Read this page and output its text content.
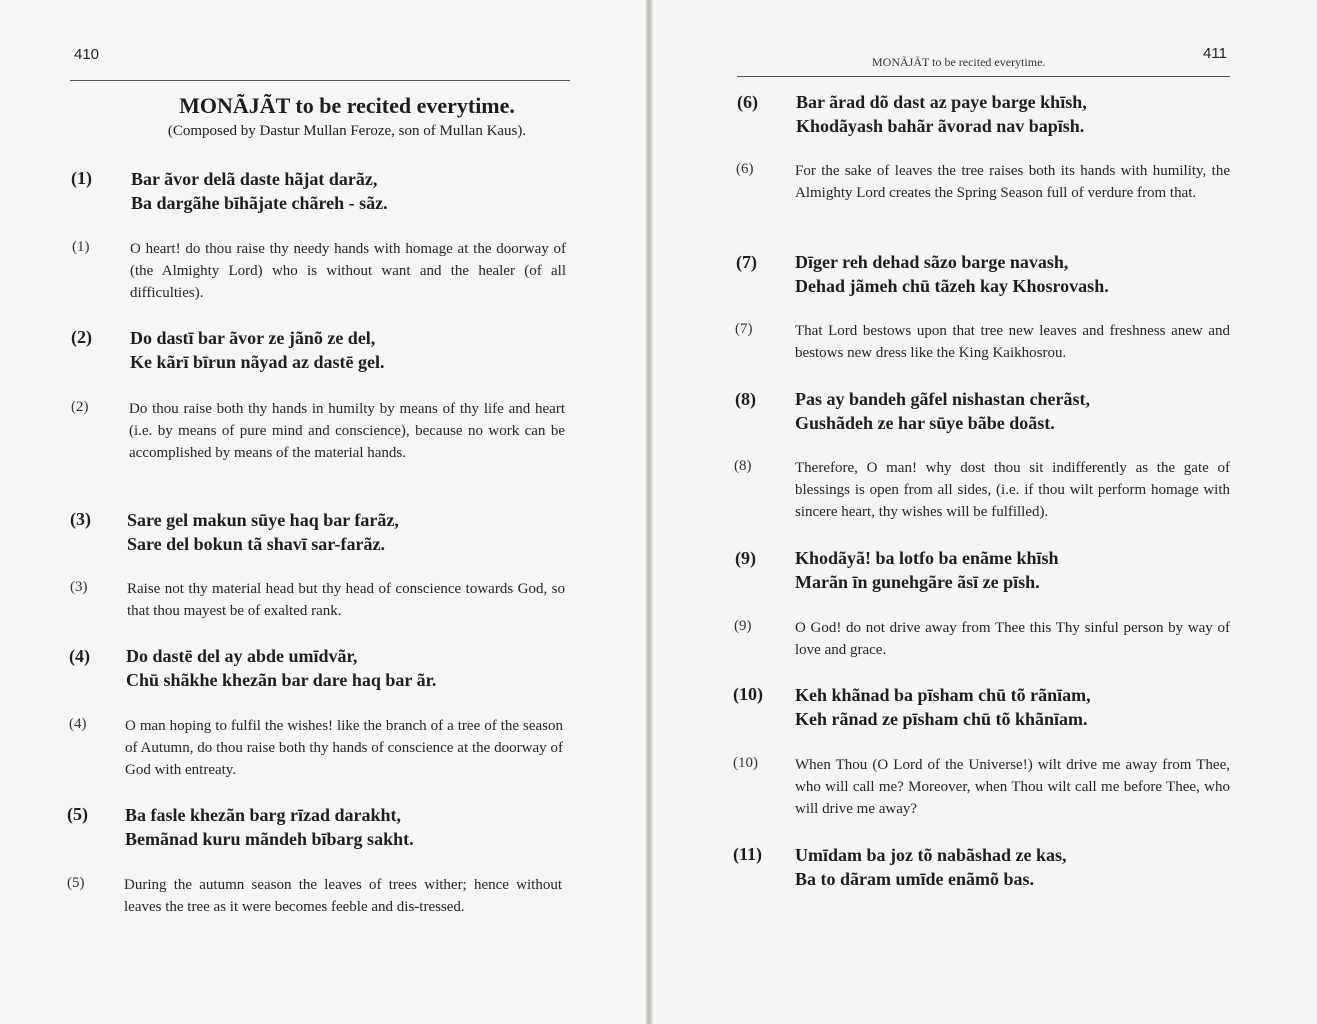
410
MONÃJÃT to be recited everytime.
(Composed by Dastur Mullan Feroze, son of Mullan Kaus).
(1) Bar ãvor delã daste hãjat darãz,
Ba dargãhe bīhãjate chãreh - sãz.
(1)	O heart! do thou raise thy needy hands with homage at the doorway of (the Almighty Lord) who is without want and the healer (of all difficulties).
(2) Do dastī bar ãvor ze jãnõ ze del,
Ke kãrī bīrun nãyad az dastē gel.
(2)	Do thou raise both thy hands in humilty by means of thy life and heart (i.e. by means of pure mind and conscience), because no work can be accomplished by means of the material hands.
(3) Sare gel makun sūye haq bar farãz,
Sare del bokun tã shavī sar-farãz.
(3)	Raise not thy material head but thy head of conscience towards God, so that thou mayest be of exalted rank.
(4) Do dastē del ay abde umīdvãr,
Chū shãkhe khezãn bar dare haq bar ãr.
(4)	O man hoping to fulfil the wishes! like the branch of a tree of the season of Autumn, do thou raise both thy hands of conscience at the doorway of God with entreaty.
(5) Ba fasle khezãn barg rīzad darakht,
Bemãnad kuru mãndeh bībarg sakht.
(5)	During the autumn season the leaves of trees wither; hence without leaves the tree as it were becomes feeble and dis-tressed.
MONÃJÃT to be recited everytime.	411
(6) Bar ãrad dõ dast az paye barge khīsh,
Khodãyash bahãr ãvorad nav bapīsh.
(6)	For the sake of leaves the tree raises both its hands with humility, the Almighty Lord creates the Spring Season full of verdure from that.
(7) Dīger reh dehad sãzo barge navash,
Dehad jãmeh chū tãzeh kay Khosrovash.
(7)	That Lord bestows upon that tree new leaves and freshness anew and bestows new dress like the King Kaikhosrou.
(8) Pas ay bandeh gãfel nishastan cherãst,
Gushãdeh ze har sūye bãbe doãst.
(8)	Therefore, O man! why dost thou sit indifferently as the gate of blessings is open from all sides, (i.e. if thou wilt perform homage with sincere heart, thy wishes will be fulfilled).
(9) Khodãyã! ba lotfo ba enãme khīsh
Marãn īn gunehgãre ãsī ze pīsh.
(9)	O God! do not drive away from Thee this Thy sinful person by way of love and grace.
(10) Keh khãnad ba pīsham chū tõ rãnīam,
Keh rãnad ze pīsham chū tõ khãnīam.
(10) When Thou (O Lord of the Universe!) wilt drive me away from Thee, who will call me? Moreover, when Thou wilt call me before Thee, who will drive me away?
(11) Umīdam ba joz tõ nabãshad ze kas,
Ba to dãram umīde enãmõ bas.
